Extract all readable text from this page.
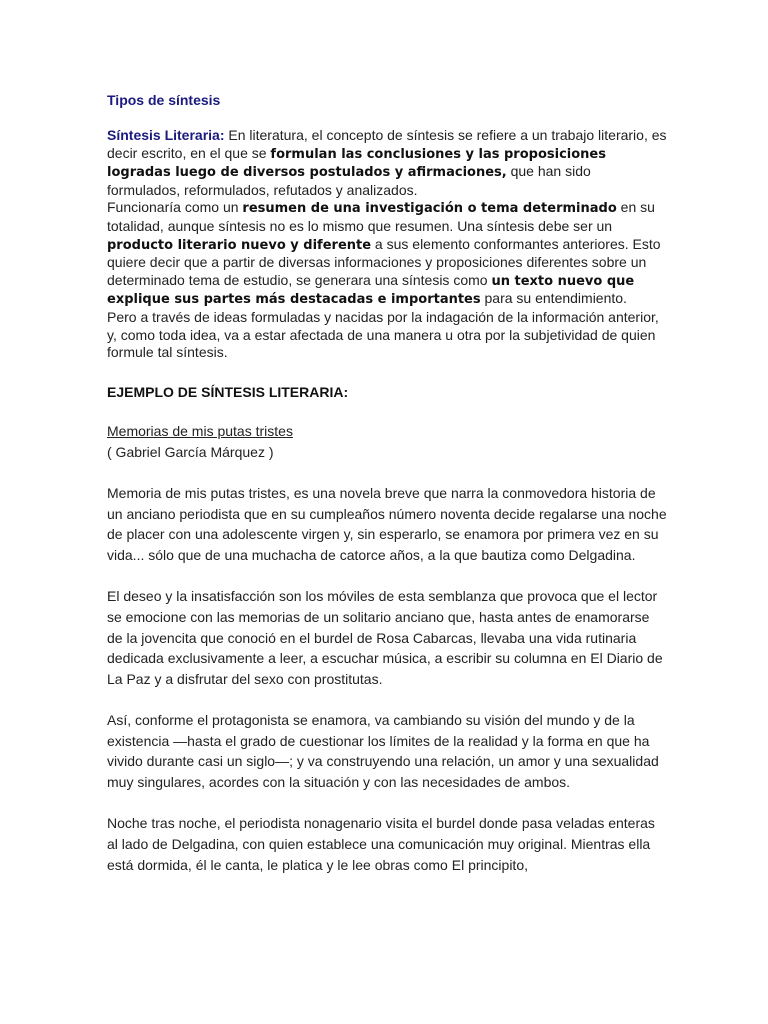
Tipos de síntesis
Síntesis Literaria: En literatura, el concepto de síntesis se refiere a un trabajo literario, es decir escrito, en el que se formulan las conclusiones y las proposiciones logradas luego de diversos postulados y afirmaciones, que han sido formulados, reformulados, refutados y analizados.
Funcionaría como un resumen de una investigación o tema determinado en su totalidad, aunque síntesis no es lo mismo que resumen. Una síntesis debe ser un producto literario nuevo y diferente a sus elemento conformantes anteriores. Esto quiere decir que a partir de diversas informaciones y proposiciones diferentes sobre un determinado tema de estudio, se generara una síntesis como un texto nuevo que explique sus partes más destacadas e importantes para su entendimiento.
Pero a través de ideas formuladas y nacidas por la indagación de la información anterior, y, como toda idea, va a estar afectada de una manera u otra por la subjetividad de quien formule tal síntesis.
EJEMPLO DE SÍNTESIS LITERARIA:
Memorias de mis putas tristes
( Gabriel García Márquez )

Memoria de mis putas tristes, es una novela breve que narra la conmovedora historia de un anciano periodista que en su cumpleaños número noventa decide regalarse una noche de placer con una adolescente virgen y, sin esperarlo, se enamora por primera vez en su vida... sólo que de una muchacha de catorce años, a la que bautiza como Delgadina.

El deseo y la insatisfacción son los móviles de esta semblanza que provoca que el lector se emocione con las memorias de un solitario anciano que, hasta antes de enamorarse de la jovencita que conoció en el burdel de Rosa Cabarcas, llevaba una vida rutinaria dedicada exclusivamente a leer, a escuchar música, a escribir su columna en El Diario de La Paz y a disfrutar del sexo con prostitutas.

Así, conforme el protagonista se enamora, va cambiando su visión del mundo y de la existencia —hasta el grado de cuestionar los límites de la realidad y la forma en que ha vivido durante casi un siglo—; y va construyendo una relación, un amor y una sexualidad muy singulares, acordes con la situación y con las necesidades de ambos.

Noche tras noche, el periodista nonagenario visita el burdel donde pasa veladas enteras al lado de Delgadina, con quien establece una comunicación muy original. Mientras ella está dormida, él le canta, le platica y le lee obras como El principito,
